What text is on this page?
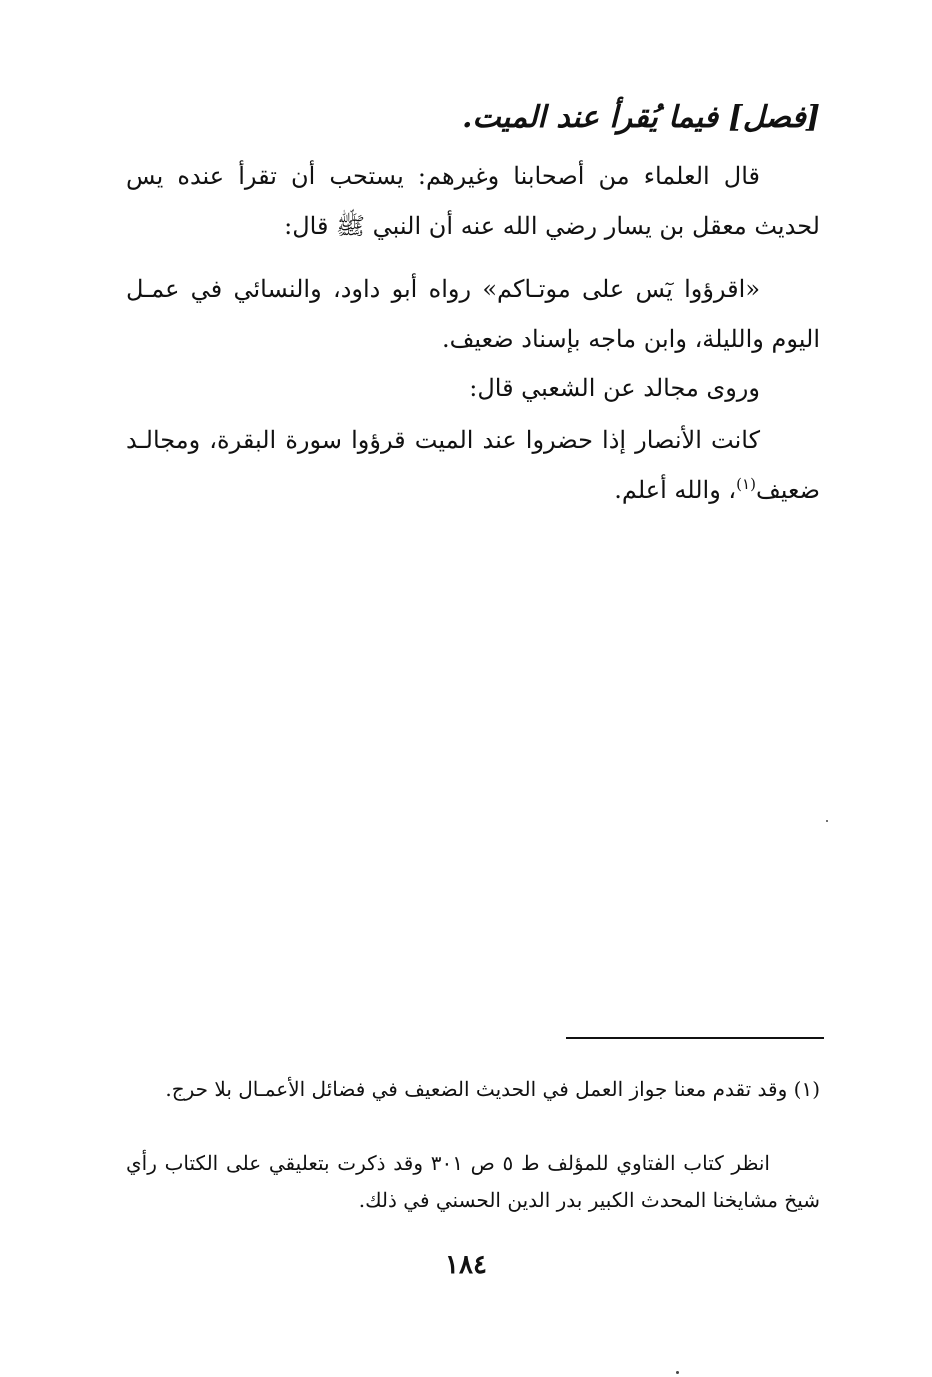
[فصل] فيما يُقرأ عند الميت.

قال العلماء من أصحابنا وغيرهم: يستحب أن تقرأ عنده يس لحديث معقل بن يسار رضي الله عنه أن النبي ﷺ قال:

«اقرؤوا يٓس على موتـاكم» رواه أبو داود، والنسائي في عمـل اليوم والليلة، وابن ماجه بإسناد ضعيف.

وروى مجالد عن الشعبي قال:

كانت الأنصار إذا حضروا عند الميت قرؤوا سورة البقرة، ومجالـد ضعيف$^{(١)}$، والله أعلم.

(١) وقد تقدم معنا جواز العمل في الحديث الضعيف في فضائل الأعمـال بلا حرج.

انظر كتاب الفتاوي للمؤلف ط ٥ ص ٣٠١ وقد ذكرت بتعليقي على الكتاب رأي شيخ مشايخنا المحدث الكبير بدر الدين الحسني في ذلك.

١٨٤
